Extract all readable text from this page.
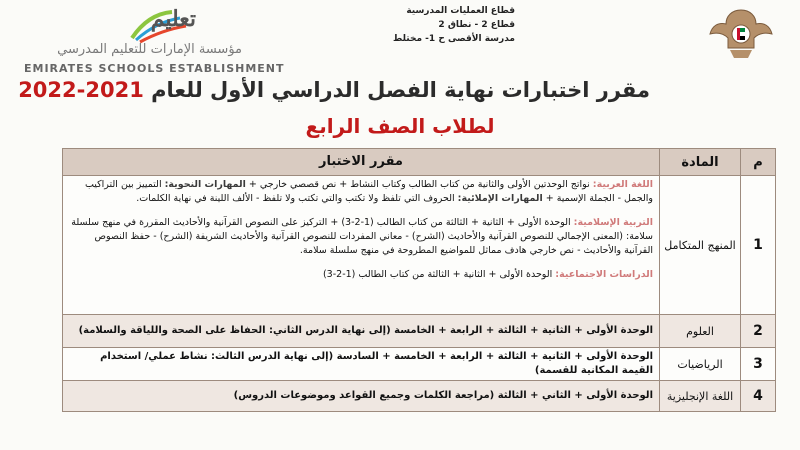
تعليم
مؤسسة الإمارات للتعليم المدرسي
EMIRATES SCHOOLS ESTABLISHMENT
قطاع العمليات المدرسية
قطاع 2 - نطاق 2
مدرسة الأقصى ح 1- مختلط
مقرر اختبارات نهاية الفصل الدراسي الأول للعام 2021-2022
لطلاب الصف الرابع
م
المادة
مقرر الاختبار
1
المنهج المتكامل
اللغة العربية: نواتج الوحدتين الأولى والثانية من كتاب الطالب وكتاب النشاط + نص قصصي خارجي + المهارات النحوية: التمييز بين التراكيب والجمل - الجملة الإسمية + المهارات الإملائية: الحروف التي تلفظ ولا تكتب والتي تكتب ولا تلفظ - الألف اللينة في نهاية الكلمات.
التربية الإسلامية: الوحدة الأولى + الثانية + الثالثة من كتاب الطالب (1-2-3) + التركيز على النصوص القرآنية والأحاديث المقررة في منهج سلسلة سلامة: (المعنى الإجمالي للنصوص القرآنية والأحاديث (الشرح) - معاني المفردات للنصوص القرآنية والأحاديث الشريفة (الشرح) - حفظ النصوص القرآنية والأحاديث - نص خارجي هادف مماثل للمواضيع المطروحة في منهج سلسلة سلامة.
الدراسات الاجتماعية: الوحدة الأولى + الثانية + الثالثة من كتاب الطالب (1-2-3)
2
العلوم
الوحدة الأولى + الثانية + الثالثة + الرابعة + الخامسة (إلى نهاية الدرس الثاني: الحفاظ على الصحة واللياقة والسلامة)
3
الرياضيات
الوحدة الأولى + الثانية + الثالثة + الرابعة + الخامسة + السادسة (إلى نهاية الدرس الثالث: نشاط عملي/ استخدام القيمة المكانية للقسمة)
4
اللغة الإنجليزية
الوحدة الأولى + الثاني + الثالثة (مراجعة الكلمات وجميع القواعد وموضوعات الدروس)
